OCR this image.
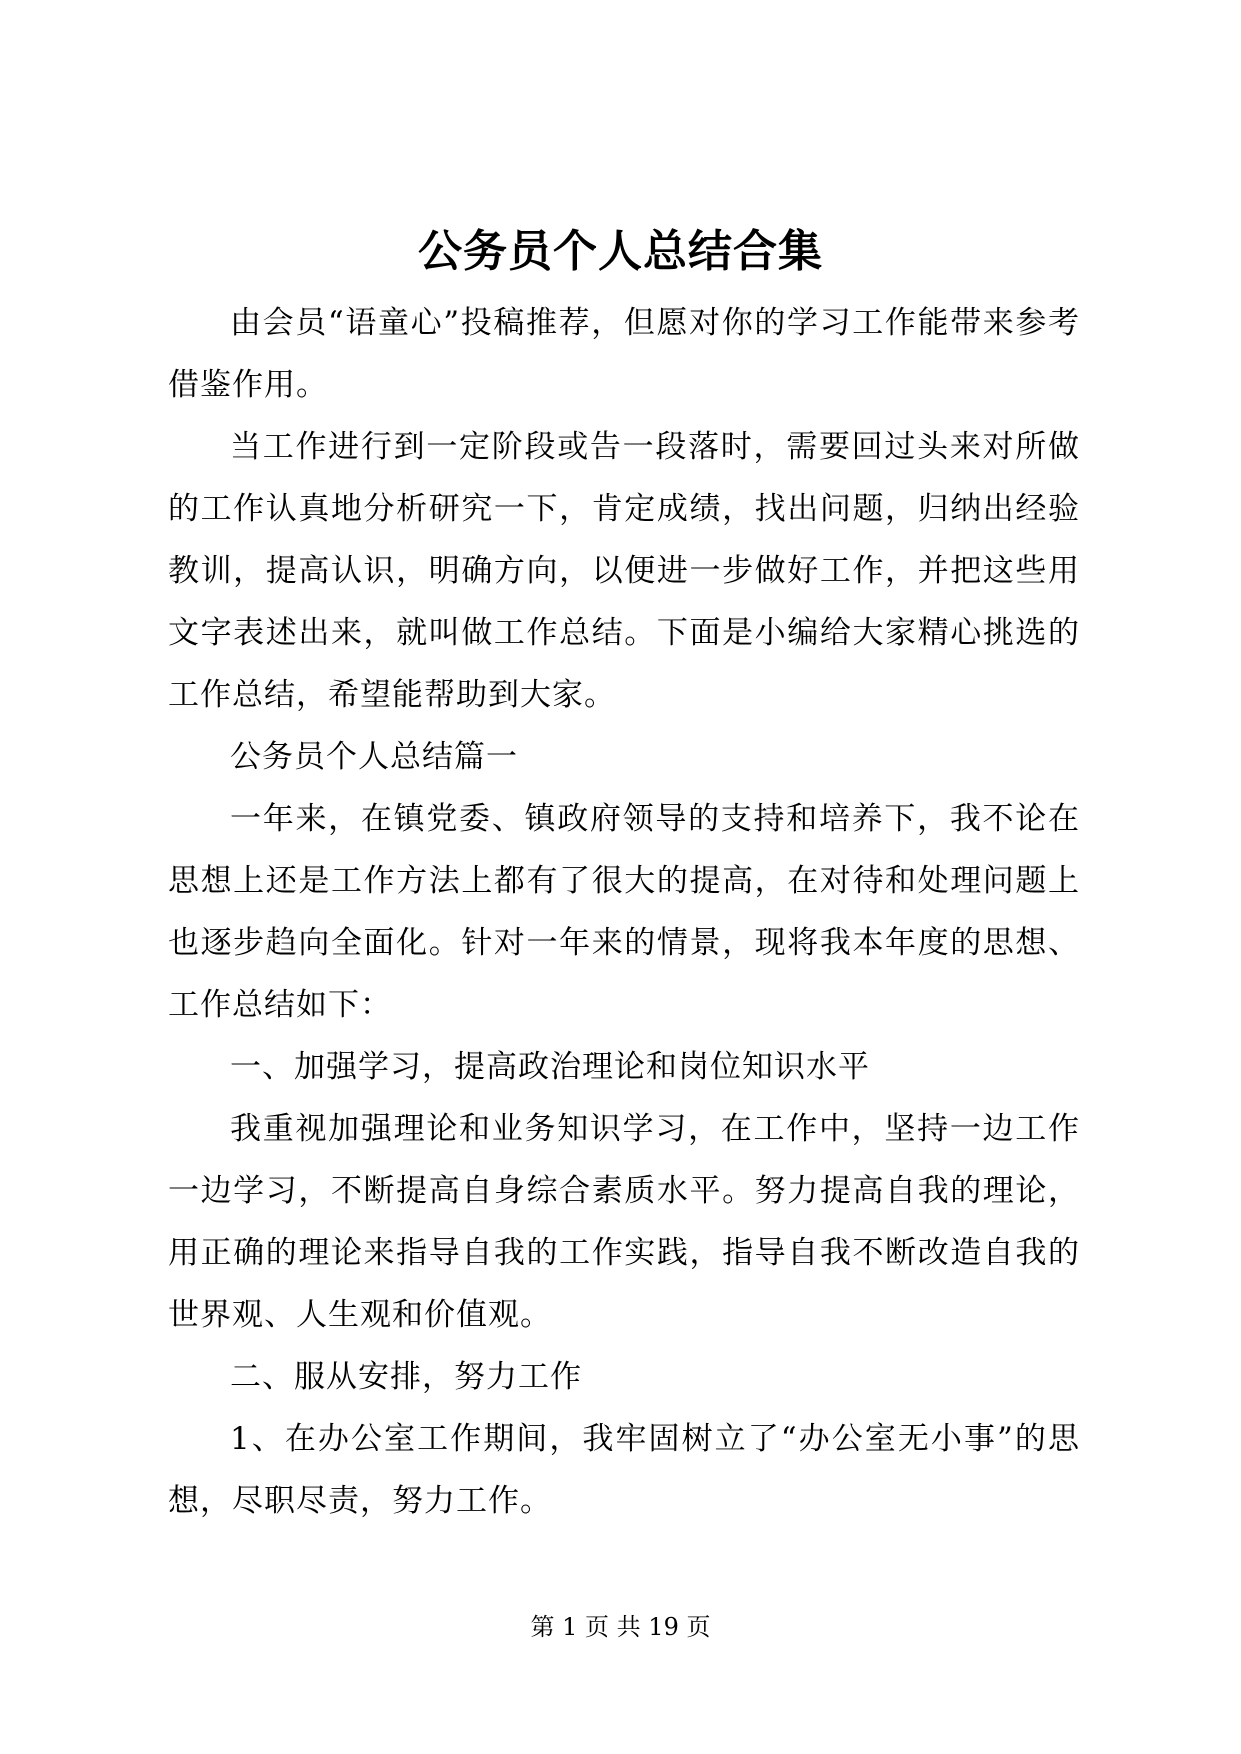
公务员个人总结合集

由会员“语童心”投稿推荐，但愿对你的学习工作能带来参考借鉴作用。

当工作进行到一定阶段或告一段落时，需要回过头来对所做的工作认真地分析研究一下，肯定成绩，找出问题，归纳出经验教训，提高认识，明确方向，以便进一步做好工作，并把这些用文字表述出来，就叫做工作总结。下面是小编给大家精心挑选的工作总结，希望能帮助到大家。

公务员个人总结篇一

一年来，在镇党委、镇政府领导的支持和培养下，我不论在思想上还是工作方法上都有了很大的提高，在对待和处理问题上也逐步趋向全面化。针对一年来的情景，现将我本年度的思想、工作总结如下：

一、加强学习，提高政治理论和岗位知识水平

我重视加强理论和业务知识学习，在工作中，坚持一边工作一边学习，不断提高自身综合素质水平。努力提高自我的理论，用正确的理论来指导自我的工作实践，指导自我不断改造自我的世界观、人生观和价值观。

二、服从安排，努力工作

1、在办公室工作期间，我牢固树立了“办公室无小事”的思想，尽职尽责，努力工作。

第 1 页 共 19 页
